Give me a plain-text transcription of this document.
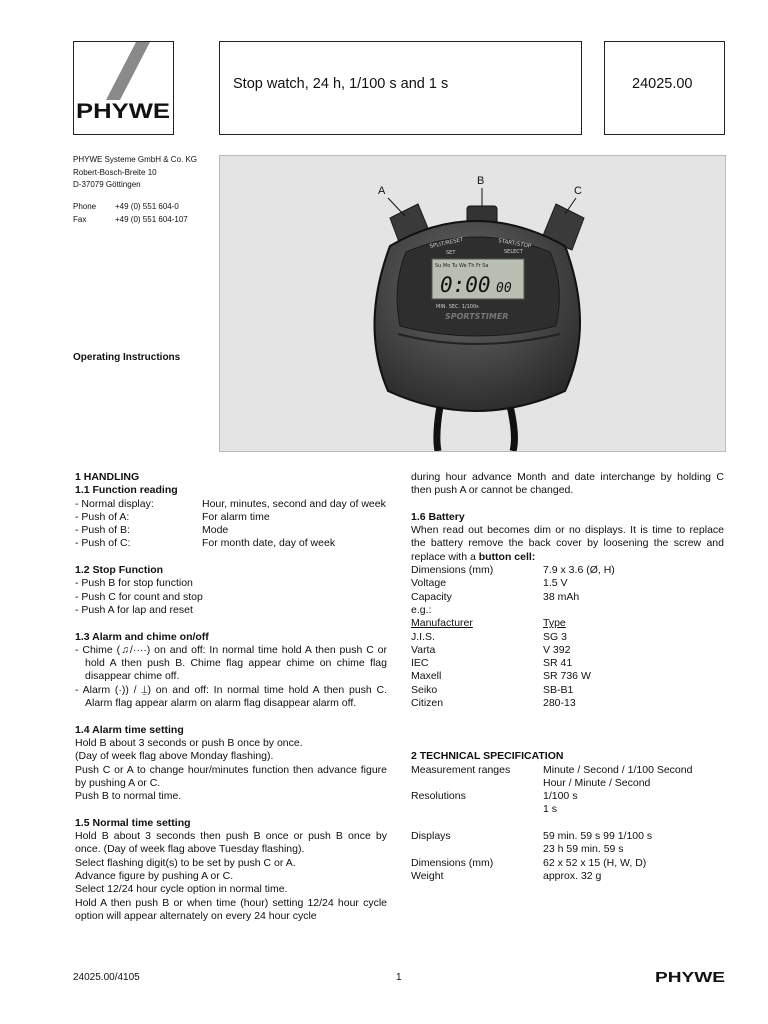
PHYWE
Stop watch, 24 h, 1/100 s and 1 s	24025.00
PHYWE Systeme GmbH & Co. KG
Robert-Bosch-Breite 10
D-37079 Göttingen
Phone +49 (0) 551 604-0
Fax	+49 (0) 551 604-107
Operating Instructions
SPLIT/RESET
SET
START/STOP
SELECT
Su Mo Tu We Th Fr Sa
0:00 00
MIN. SEC. 1/100s
SPORTSTIMER
A
B
C

1 HANDLING

1.1 Function reading

- Normal display:	Hour, minutes, second and day of week
- Push of A:	For alarm time
- Push of B:	Mode
- Push of C:	For month date, day of week

1.2 Stop Function

- Push B for stop function

- Push C for count and stop

- Push A for lap and reset

1.3 Alarm and chime on/off

- Chime (♫/····) on and off: In normal time hold A then push C or hold A then push B. Chime flag appear chime on chime flag disappear chime off.

- Alarm (·)) / ⍊) on and off: In normal time hold A then push C. Alarm flag appear alarm on alarm flag disappear alarm off.

1.4 Alarm time setting

Hold B about 3 seconds or push B once by once.

(Day of week flag above Monday flashing).

Push C or A to change hour/minutes function then advance figure by pushing A or C.

Push B to normal time.

1.5 Normal time setting

Hold B about 3 seconds then push B once or push B once by once. (Day of week flag above Tuesday flashing).

Select flashing digit(s) to be set by push C or A.

Advance figure by pushing A or C.

Select 12/24 hour cycle option in normal time.

Hold A then push B or when time (hour) setting 12/24 hour cycle option will appear alternately on every 24 hour cycle

during hour advance Month and date interchange by holding C then push A or cannot be changed.

1.6 Battery

When read out becomes dim or no displays. It is time to replace the battery remove the back cover by loosening the screw and replace with a button cell:

Dimensions (mm)	7.9 x 3.6 (Ø, H)
Voltage	1.5 V
Capacity	38 mAh

e.g.:

Manufacturer	Type
J.I.S.	SG 3
Varta	V 392
IEC	SR 41
Maxell	SR 736 W
Seiko	SB-B1
Citizen	280-13

2 TECHNICAL SPECIFICATION

Measurement ranges	Minute / Second / 1/100 Second
Hour / Minute / Second
Resolutions	1/100 s
1 s
Displays	59 min. 59 s 99 1/100 s
23 h 59 min. 59 s
Dimensions (mm)	62 x 52 x 15 (H, W, D)
Weight	approx. 32 g
24025.00/4105	1	PHYWE
